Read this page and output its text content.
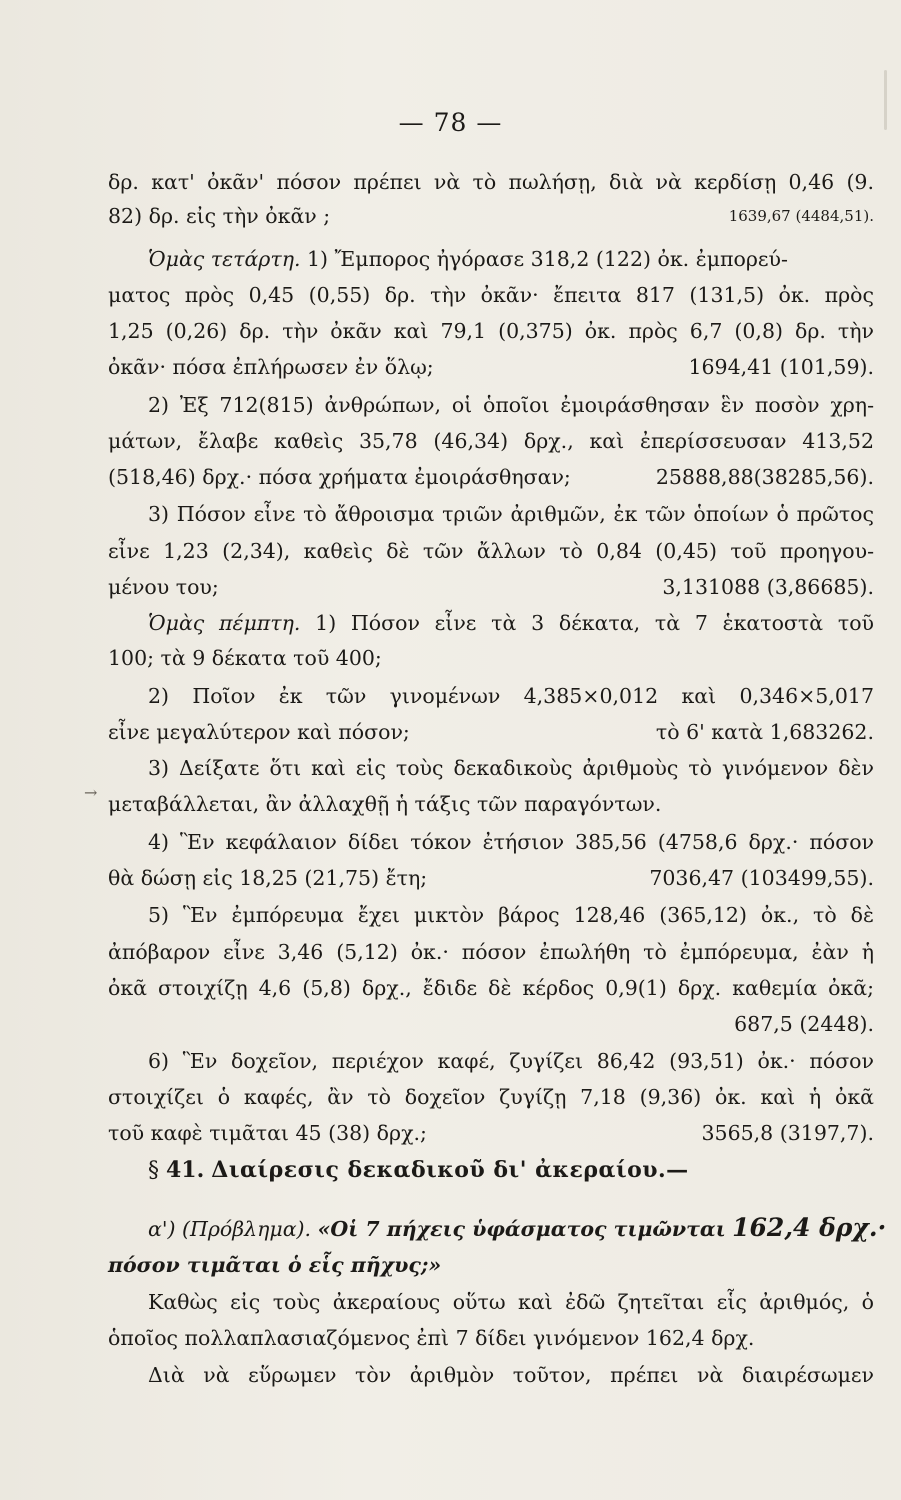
— 78 —
→
δρ. κατ' ὀκᾶν' πόσον πρέπει νὰ τὸ πωλήσῃ, διὰ νὰ κερδίσῃ 0,46 (9.
82) δρ. εἰς τὴν ὀκᾶν ;	1639,67 (4484,51).
Ὁμὰς τετάρτη. 1) Ἔμπορος ἠγόρασε 318,2 (122) ὀκ. ἐμπορεύ-
ματος πρὸς 0,45 (0,55) δρ. τὴν ὀκᾶν· ἔπειτα 817 (131,5) ὀκ. πρὸς
1,25 (0,26) δρ. τὴν ὀκᾶν καὶ 79,1 (0,375) ὀκ. πρὸς 6,7 (0,8) δρ. τὴν
ὀκᾶν· πόσα ἐπλήρωσεν ἐν ὅλῳ;	1694,41 (101,59).
2) Ἐξ 712(815) ἀνθρώπων, οἱ ὁποῖοι ἐμοιράσθησαν ἓν ποσὸν χρη-
μάτων, ἔλαβε καθεὶς 35,78 (46,34) δρχ., καὶ ἐπερίσσευσαν 413,52
(518,46) δρχ.· πόσα χρήματα ἐμοιράσθησαν;	25888,88(38285,56).
3) Πόσον εἶνε τὸ ἄθροισμα τριῶν ἀριθμῶν, ἐκ τῶν ὁποίων ὁ πρῶτος
εἶνε 1,23 (2,34), καθεὶς δὲ τῶν ἄλλων τὸ 0,84 (0,45) τοῦ προηγου-
μένου του;	3,131088 (3,86685).
Ὁμὰς πέμπτη. 1) Πόσον εἶνε τὰ 3 δέκατα, τὰ 7 ἑκατοστὰ τοῦ
100; τὰ 9 δέκατα τοῦ 400;
2) Ποῖον ἐκ τῶν γινομένων 4,385×0,012 καὶ 0,346×5,017
εἶνε μεγαλύτερον καὶ πόσον;	τὸ 6' κατὰ 1,683262.
3) Δείξατε ὅτι καὶ εἰς τοὺς δεκαδικοὺς ἀριθμοὺς τὸ γινόμενον δὲν
μεταβάλλεται, ἂν ἀλλαχθῇ ἡ τάξις τῶν παραγόντων.
4) Ἓν κεφάλαιον δίδει τόκον ἐτήσιον 385,56 (4758,6 δρχ.· πόσον
θὰ δώσῃ εἰς 18,25 (21,75) ἔτη;	7036,47 (103499,55).
5) Ἓν ἐμπόρευμα ἔχει μικτὸν βάρος 128,46 (365,12) ὀκ., τὸ δὲ
ἀπόβαρον εἶνε 3,46 (5,12) ὀκ.· πόσον ἐπωλήθη τὸ ἐμπόρευμα, ἐὰν ἡ
ὀκᾶ στοιχίζῃ 4,6 (5,8) δρχ., ἔδιδε δὲ κέρδος 0,9(1) δρχ. καθεμία ὀκᾶ;
687,5 (2448).
6) Ἓν δοχεῖον, περιέχον καφέ, ζυγίζει 86,42 (93,51) ὀκ.· πόσον
στοιχίζει ὁ καφές, ἂν τὸ δοχεῖον ζυγίζῃ 7,18 (9,36) ὀκ. καὶ ἡ ὀκᾶ
τοῦ καφὲ τιμᾶται 45 (38) δρχ.;	3565,8 (3197,7).
§ 41. Διαίρεσις δεκαδικοῦ δι' ἀκεραίου.—
α') (Πρόβλημα). «Οἱ 7 πήχεις ὑφάσματος τιμῶνται 162,4 δρχ.·
πόσον τιμᾶται ὁ εἷς πῆχυς;»
Καθὼς εἰς τοὺς ἀκεραίους οὕτω καὶ ἐδῶ ζητεῖται εἷς ἀριθμός, ὁ
ὁποῖος πολλαπλασιαζόμενος ἐπὶ 7 δίδει γινόμενον 162,4 δρχ.
Διὰ νὰ εὕρωμεν τὸν ἀριθμὸν τοῦτον, πρέπει νὰ διαιρέσωμεν
